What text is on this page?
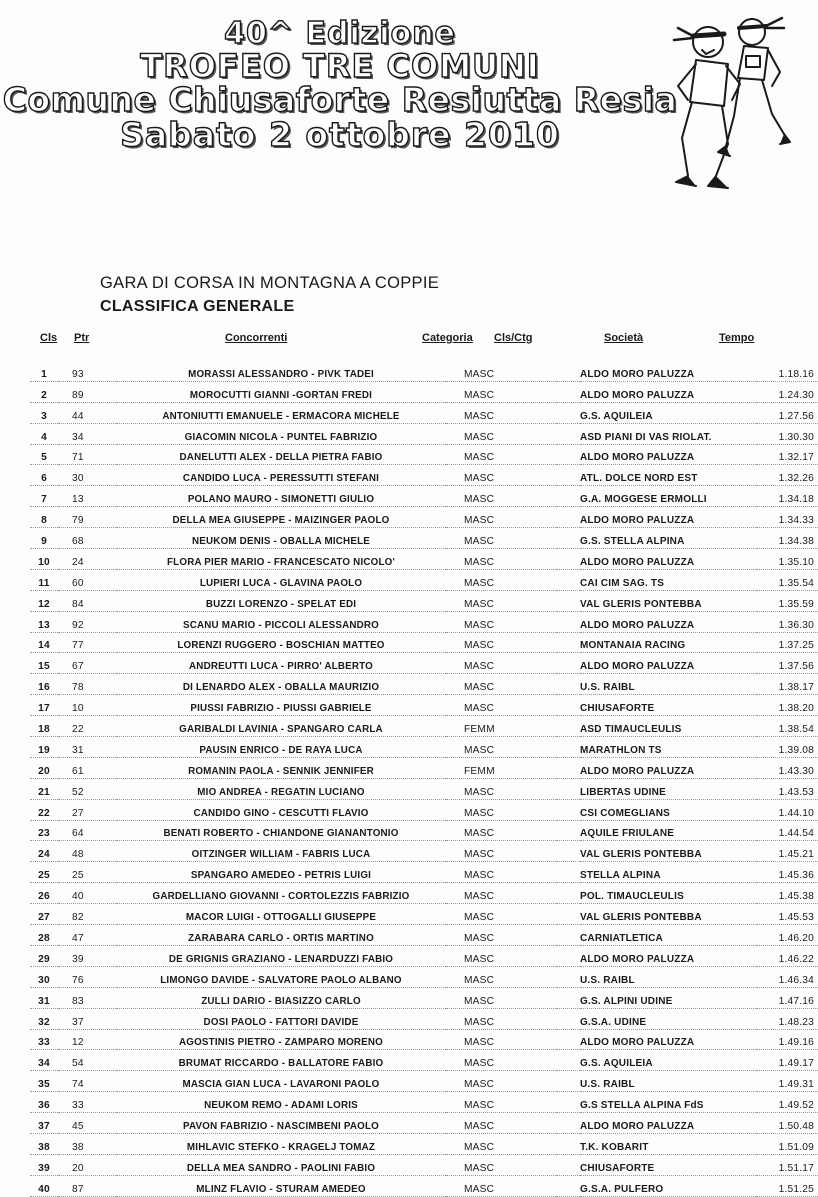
40^ Edizione
TROFEO TRE COMUNI
Comune Chiusaforte Resiutta Resia
Sabato 2 ottobre 2010
GARA DI CORSA IN MONTAGNA A COPPIE
CLASSIFICA GENERALE
Cls Ptr	Concorrenti	Categoria Cls/Ctg	Società	Tempo
1	93	MORASSI ALESSANDRO - PIVK TADEI	MASC		ALDO MORO PALUZZA	1.18.16
2	89	MOROCUTTI GIANNI -GORTAN FREDI	MASC		ALDO MORO PALUZZA	1.24.30
3	44	ANTONIUTTI EMANUELE - ERMACORA MICHELE	MASC		G.S. AQUILEIA	1.27.56
4	34	GIACOMIN NICOLA - PUNTEL FABRIZIO	MASC		ASD PIANI DI VAS RIOLAT.	1.30.30
5	71	DANELUTTI ALEX - DELLA PIETRA FABIO	MASC		ALDO MORO PALUZZA	1.32.17
6	30	CANDIDO LUCA - PERESSUTTI STEFANI	MASC		ATL. DOLCE NORD EST	1.32.26
7	13	POLANO MAURO - SIMONETTI GIULIO	MASC		G.A. MOGGESE ERMOLLI	1.34.18
8	79	DELLA MEA GIUSEPPE - MAIZINGER PAOLO	MASC		ALDO MORO PALUZZA	1.34.33
9	68	NEUKOM DENIS - OBALLA MICHELE	MASC		G.S. STELLA ALPINA	1.34.38
10	24	FLORA PIER MARIO - FRANCESCATO NICOLO'	MASC		ALDO MORO PALUZZA	1.35.10
11	60	LUPIERI LUCA - GLAVINA PAOLO	MASC		CAI CIM SAG. TS	1.35.54
12	84	BUZZI LORENZO - SPELAT EDI	MASC		VAL GLERIS PONTEBBA	1.35.59
13	92	SCANU MARIO - PICCOLI ALESSANDRO	MASC		ALDO MORO PALUZZA	1.36.30
14	77	LORENZI RUGGERO - BOSCHIAN MATTEO	MASC		MONTANAIA RACING	1.37.25
15	67	ANDREUTTI LUCA - PIRRO' ALBERTO	MASC		ALDO MORO PALUZZA	1.37.56
16	78	DI LENARDO ALEX - OBALLA MAURIZIO	MASC		U.S. RAIBL	1.38.17
17	10	PIUSSI FABRIZIO - PIUSSI GABRIELE	MASC		CHIUSAFORTE	1.38.20
18	22	GARIBALDI LAVINIA - SPANGARO CARLA	FEMM		ASD TIMAUCLEULIS	1.38.54
19	31	PAUSIN ENRICO - DE RAYA LUCA	MASC		MARATHLON TS	1.39.08
20	61	ROMANIN PAOLA - SENNIK JENNIFER	FEMM		ALDO MORO PALUZZA	1.43.30
21	52	MIO ANDREA - REGATIN LUCIANO	MASC		LIBERTAS UDINE	1.43.53
22	27	CANDIDO GINO - CESCUTTI FLAVIO	MASC		CSI COMEGLIANS	1.44.10
23	64	BENATI ROBERTO - CHIANDONE GIANANTONIO	MASC		AQUILE FRIULANE	1.44.54
24	48	OITZINGER WILLIAM - FABRIS LUCA	MASC		VAL GLERIS PONTEBBA	1.45.21
25	25	SPANGARO AMEDEO - PETRIS LUIGI	MASC		STELLA ALPINA	1.45.36
26	40	GARDELLIANO GIOVANNI - CORTOLEZZIS FABRIZIO	MASC		POL. TIMAUCLEULIS	1.45.38
27	82	MACOR LUIGI - OTTOGALLI GIUSEPPE	MASC		VAL GLERIS PONTEBBA	1.45.53
28	47	ZARABARA CARLO - ORTIS MARTINO	MASC		CARNIATLETICA	1.46.20
29	39	DE GRIGNIS GRAZIANO - LENARDUZZI FABIO	MASC		ALDO MORO PALUZZA	1.46.22
30	76	LIMONGO DAVIDE - SALVATORE PAOLO ALBANO	MASC		U.S. RAIBL	1.46.34
31	83	ZULLI DARIO - BIASIZZO CARLO	MASC		G.S. ALPINI UDINE	1.47.16
32	37	DOSI PAOLO - FATTORI DAVIDE	MASC		G.S.A. UDINE	1.48.23
33	12	AGOSTINIS PIETRO - ZAMPARO MORENO	MASC		ALDO MORO PALUZZA	1.49.16
34	54	BRUMAT RICCARDO - BALLATORE FABIO	MASC		G.S. AQUILEIA	1.49.17
35	74	MASCIA GIAN LUCA - LAVARONI PAOLO	MASC		U.S. RAIBL	1.49.31
36	33	NEUKOM REMO - ADAMI LORIS	MASC		G.S STELLA ALPINA FdS	1.49.52
37	45	PAVON FABRIZIO - NASCIMBENI PAOLO	MASC		ALDO MORO PALUZZA	1.50.48
38	38	MIHLAVIC STEFKO - KRAGELJ TOMAZ	MASC		T.K. KOBARIT	1.51.09
39	20	DELLA MEA SANDRO - PAOLINI FABIO	MASC		CHIUSAFORTE	1.51.17
40	87	MLINZ FLAVIO - STURAM AMEDEO	MASC		G.S.A. PULFERO	1.51.25
